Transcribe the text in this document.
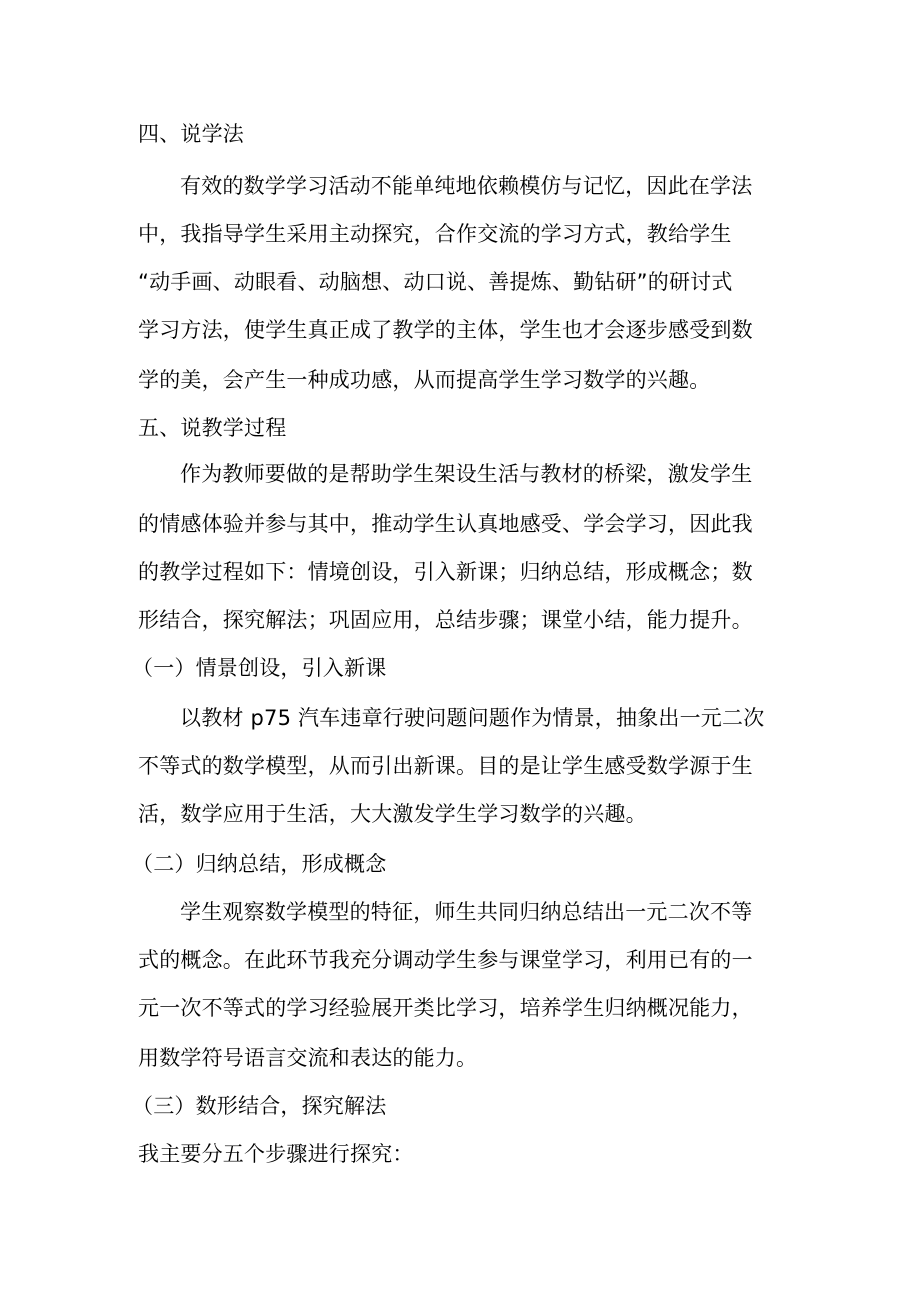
四、说学法
有效的数学学习活动不能单纯地依赖模仿与记忆，因此在学法
中，我指导学生采用主动探究，合作交流的学习方式，教给学生
“动手画、动眼看、动脑想、动口说、善提炼、勤钻研”的研讨式
学习方法，使学生真正成了教学的主体，学生也才会逐步感受到数
学的美，会产生一种成功感，从而提高学生学习数学的兴趣。
五、说教学过程
作为教师要做的是帮助学生架设生活与教材的桥梁，激发学生
的情感体验并参与其中，推动学生认真地感受、学会学习，因此我
的教学过程如下：情境创设，引入新课；归纳总结，形成概念；数
形结合，探究解法；巩固应用，总结步骤；课堂小结，能力提升。
（一）情景创设，引入新课
以教材 p75 汽车违章行驶问题问题作为情景，抽象出一元二次
不等式的数学模型，从而引出新课。目的是让学生感受数学源于生
活，数学应用于生活，大大激发学生学习数学的兴趣。
（二）归纳总结，形成概念
学生观察数学模型的特征，师生共同归纳总结出一元二次不等
式的概念。在此环节我充分调动学生参与课堂学习，利用已有的一
元一次不等式的学习经验展开类比学习，培养学生归纳概况能力，
用数学符号语言交流和表达的能力。
（三）数形结合，探究解法
我主要分五个步骤进行探究：
